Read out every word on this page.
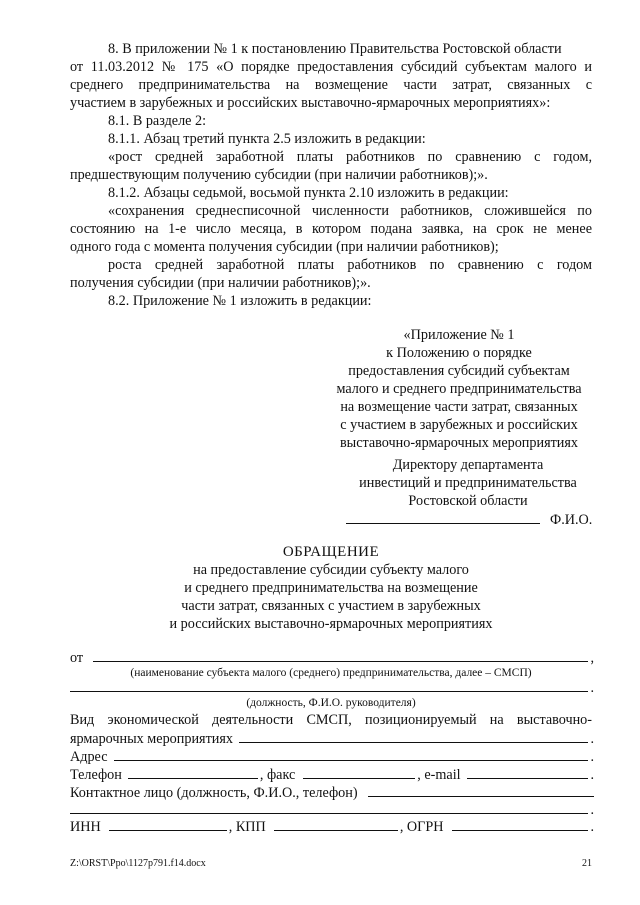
8. В приложении № 1 к постановлению Правительства Ростовской области
от 11.03.2012 № 175 «О порядке предоставления субсидий субъектам малого и
среднего предпринимательства на возмещение части затрат, связанных с
участием в зарубежных и российских выставочно-ярмарочных мероприятиях»:
8.1. В разделе 2:
8.1.1. Абзац третий пункта 2.5 изложить в редакции:
«рост средней заработной платы работников по сравнению с годом,
предшествующим получению субсидии (при наличии работников);».
8.1.2. Абзацы седьмой, восьмой пункта 2.10 изложить в редакции:
«сохранения среднесписочной численности работников, сложившейся по
состоянию на 1-е число месяца, в котором подана заявка, на срок не менее
одного года с момента получения субсидии (при наличии работников);
роста средней заработной платы работников по сравнению с годом
получения субсидии (при наличии работников);».
8.2. Приложение № 1 изложить в редакции:
«Приложение № 1
к Положению о порядке
предоставления субсидий субъектам
малого и среднего предпринимательства
на возмещение части затрат, связанных
с участием в зарубежных и российских
выставочно-ярмарочных мероприятиях
Директору департамента
инвестиций и предпринимательства
Ростовской области
Ф.И.О.
ОБРАЩЕНИЕ
на предоставление субсидии субъекту малого
и среднего предпринимательства на возмещение
части затрат, связанных с участием в зарубежных
и российских выставочно-ярмарочных мероприятиях
от	,
(наименование субъекта малого (среднего) предпринимательства, далее – СМСП)
.
(должность, Ф.И.О. руководителя)
Вид экономической деятельности СМСП, позиционируемый на выставочно-
ярмарочных мероприятиях	.
Адрес	.
Телефон	, факс	, e-mail	.
Контактное лицо (должность, Ф.И.О., телефон)
.
ИНН	, КПП	, ОГРН	.
Z:\ORST\Ppo\1127p791.f14.docx	21
